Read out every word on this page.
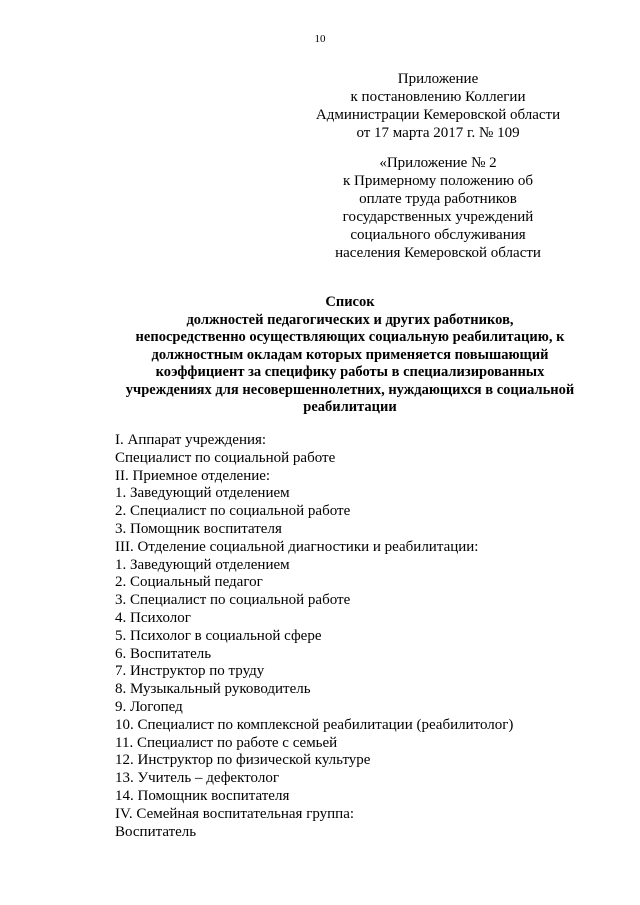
10
Приложение
к постановлению Коллегии
Администрации Кемеровской области
от 17 марта 2017 г. № 109
«Приложение № 2
к Примерному положению об
оплате труда работников
государственных учреждений
социального обслуживания
населения Кемеровской области
Список
должностей педагогических и других работников,
непосредственно осуществляющих социальную реабилитацию, к
должностным окладам которых применяется повышающий
коэффициент за специфику работы в специализированных
учреждениях для несовершеннолетних, нуждающихся в социальной
реабилитации
I. Аппарат учреждения:
Специалист по социальной работе
II. Приемное отделение:
1. Заведующий отделением
2. Специалист по социальной работе
3. Помощник воспитателя
III. Отделение социальной диагностики и реабилитации:
1. Заведующий отделением
2. Социальный педагог
3. Специалист по социальной работе
4. Психолог
5. Психолог в социальной сфере
6. Воспитатель
7. Инструктор по труду
8. Музыкальный руководитель
9. Логопед
10. Специалист по комплексной реабилитации (реабилитолог)
11. Специалист по работе с семьей
12. Инструктор по физической культуре
13. Учитель – дефектолог
14. Помощник воспитателя
IV. Семейная воспитательная группа:
Воспитатель
